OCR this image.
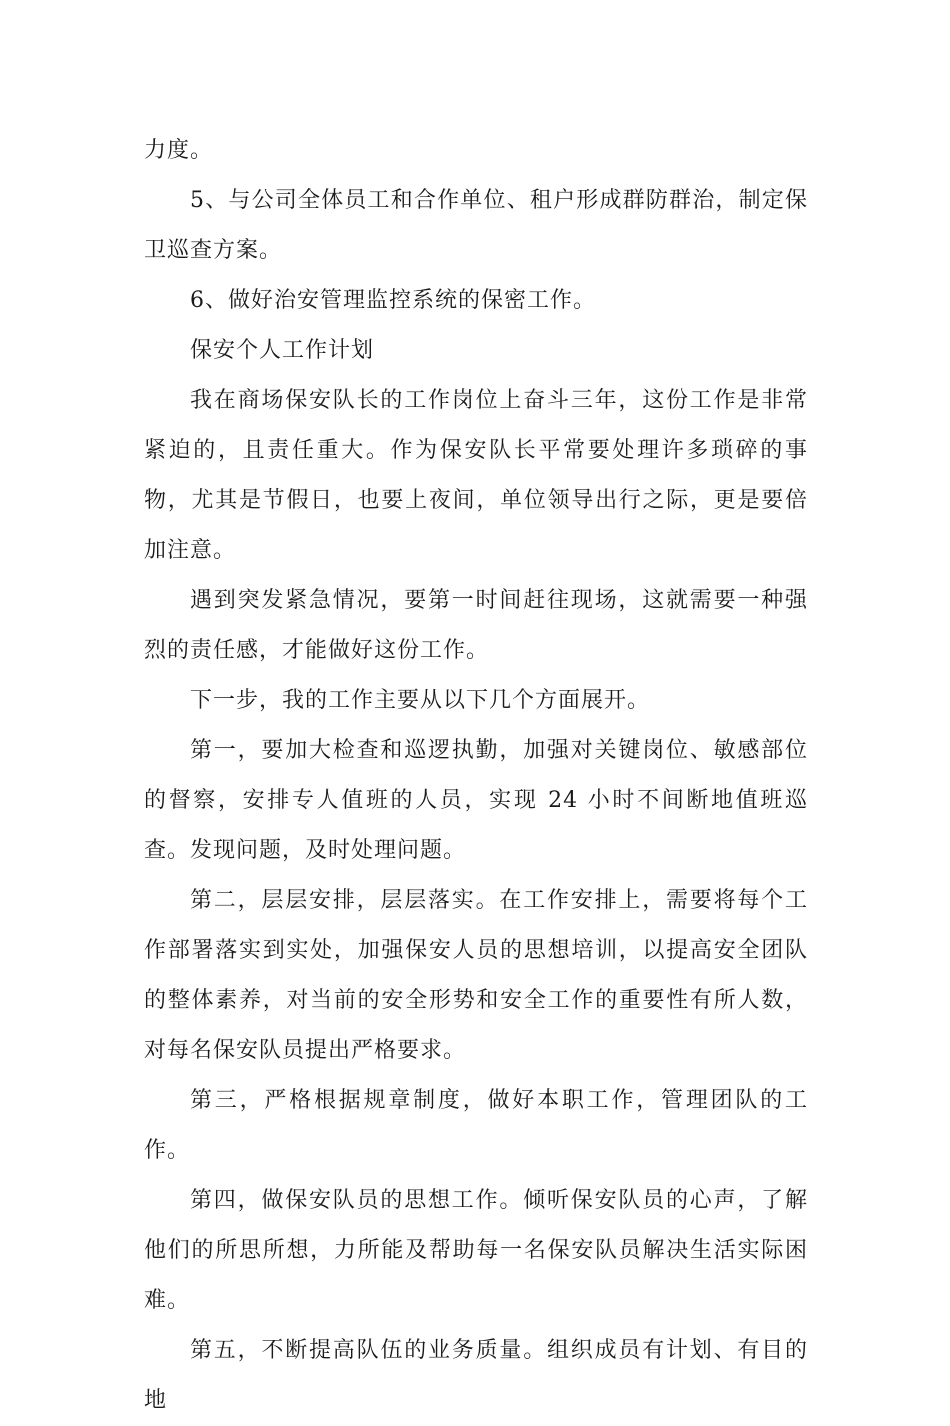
力度。

5、与公司全体员工和合作单位、租户形成群防群治，制定保卫巡查方案。

6、做好治安管理监控系统的保密工作。

保安个人工作计划

我在商场保安队长的工作岗位上奋斗三年，这份工作是非常紧迫的，且责任重大。作为保安队长平常要处理许多琐碎的事物，尤其是节假日，也要上夜间，单位领导出行之际，更是要倍加注意。

遇到突发紧急情况，要第一时间赶往现场，这就需要一种强烈的责任感，才能做好这份工作。

下一步，我的工作主要从以下几个方面展开。

第一，要加大检查和巡逻执勤，加强对关键岗位、敏感部位的督察，安排专人值班的人员，实现 24 小时不间断地值班巡查。发现问题，及时处理问题。

第二，层层安排，层层落实。在工作安排上，需要将每个工作部署落实到实处，加强保安人员的思想培训，以提高安全团队的整体素养，对当前的安全形势和安全工作的重要性有所人数，对每名保安队员提出严格要求。

第三，严格根据规章制度，做好本职工作，管理团队的工作。

第四，做保安队员的思想工作。倾听保安队员的心声，了解他们的所思所想，力所能及帮助每一名保安队员解决生活实际困难。

第五，不断提高队伍的业务质量。组织成员有计划、有目的地
